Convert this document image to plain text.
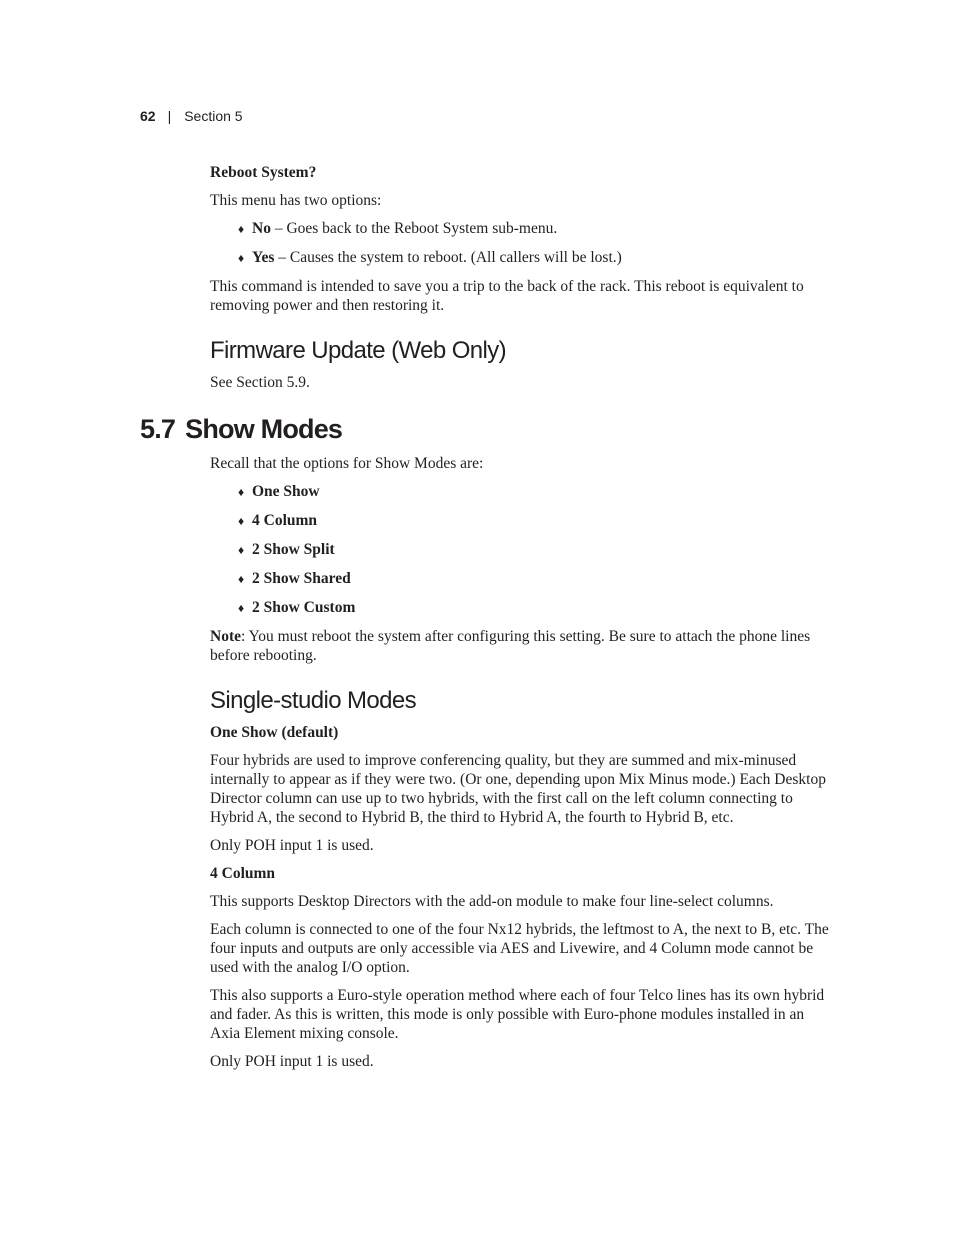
62 | Section 5

Reboot System?

This menu has two options:

♦ No – Goes back to the Reboot System sub-menu.
♦ Yes – Causes the system to reboot. (All callers will be lost.)

This command is intended to save you a trip to the back of the rack. This reboot is equivalent to removing power and then restoring it.

Firmware Update (Web Only)

See Section 5.9.

5.7 Show Modes

Recall that the options for Show Modes are:

♦ One Show
♦ 4 Column
♦ 2 Show Split
♦ 2 Show Shared
♦ 2 Show Custom

Note: You must reboot the system after configuring this setting. Be sure to attach the phone lines before rebooting.

Single-studio Modes

One Show (default)

Four hybrids are used to improve conferencing quality, but they are summed and mix-minused internally to appear as if they were two. (Or one, depending upon Mix Minus mode.) Each Desktop Director column can use up to two hybrids, with the first call on the left column connecting to Hybrid A, the second to Hybrid B, the third to Hybrid A, the fourth to Hybrid B, etc.

Only POH input 1 is used.

4 Column

This supports Desktop Directors with the add-on module to make four line-select columns.

Each column is connected to one of the four Nx12 hybrids, the leftmost to A, the next to B, etc. The four inputs and outputs are only accessible via AES and Livewire, and 4 Column mode cannot be used with the analog I/O option.

This also supports a Euro-style operation method where each of four Telco lines has its own hybrid and fader. As this is written, this mode is only possible with Euro-phone modules installed in an Axia Element mixing console.

Only POH input 1 is used.
